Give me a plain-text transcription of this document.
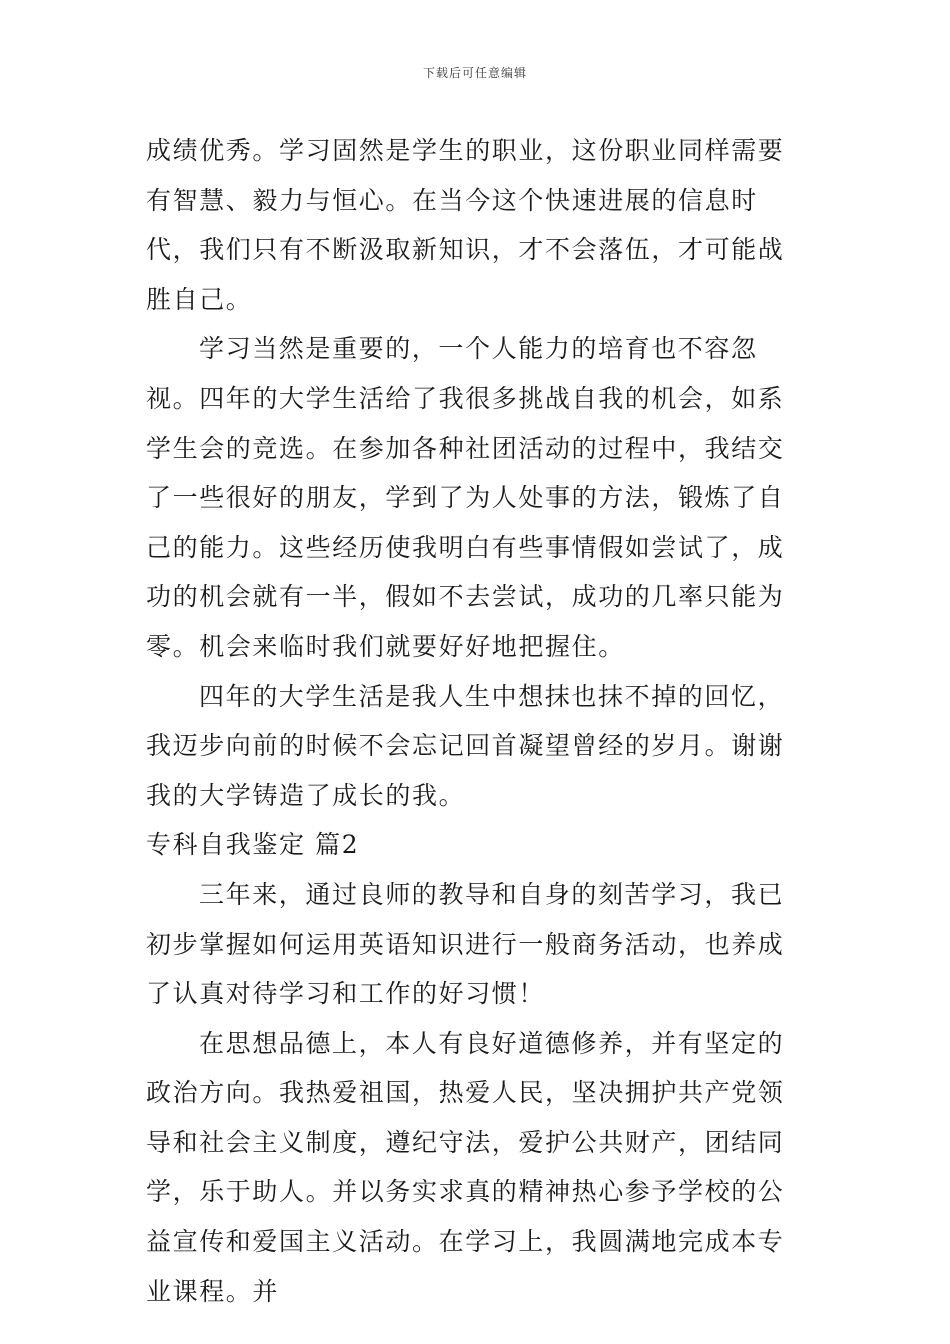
下载后可任意编辑

成绩优秀。学习固然是学生的职业，这份职业同样需要有智慧、毅力与恒心。在当今这个快速进展的信息时代，我们只有不断汲取新知识，才不会落伍，才可能战胜自己。

学习当然是重要的，一个人能力的培育也不容忽视。四年的大学生活给了我很多挑战自我的机会，如系学生会的竞选。在参加各种社团活动的过程中，我结交了一些很好的朋友，学到了为人处事的方法，锻炼了自己的能力。这些经历使我明白有些事情假如尝试了，成功的机会就有一半，假如不去尝试，成功的几率只能为零。机会来临时我们就要好好地把握住。

四年的大学生活是我人生中想抹也抹不掉的回忆，我迈步向前的时候不会忘记回首凝望曾经的岁月。谢谢我的大学铸造了成长的我。

专科自我鉴定 篇2

三年来，通过良师的教导和自身的刻苦学习，我已初步掌握如何运用英语知识进行一般商务活动，也养成了认真对待学习和工作的好习惯！

在思想品德上，本人有良好道德修养，并有坚定的政治方向。我热爱祖国，热爱人民，坚决拥护共产党领导和社会主义制度，遵纪守法，爱护公共财产，团结同学，乐于助人。并以务实求真的精神热心参予学校的公益宣传和爱国主义活动。在学习上，我圆满地完成本专业课程。并
